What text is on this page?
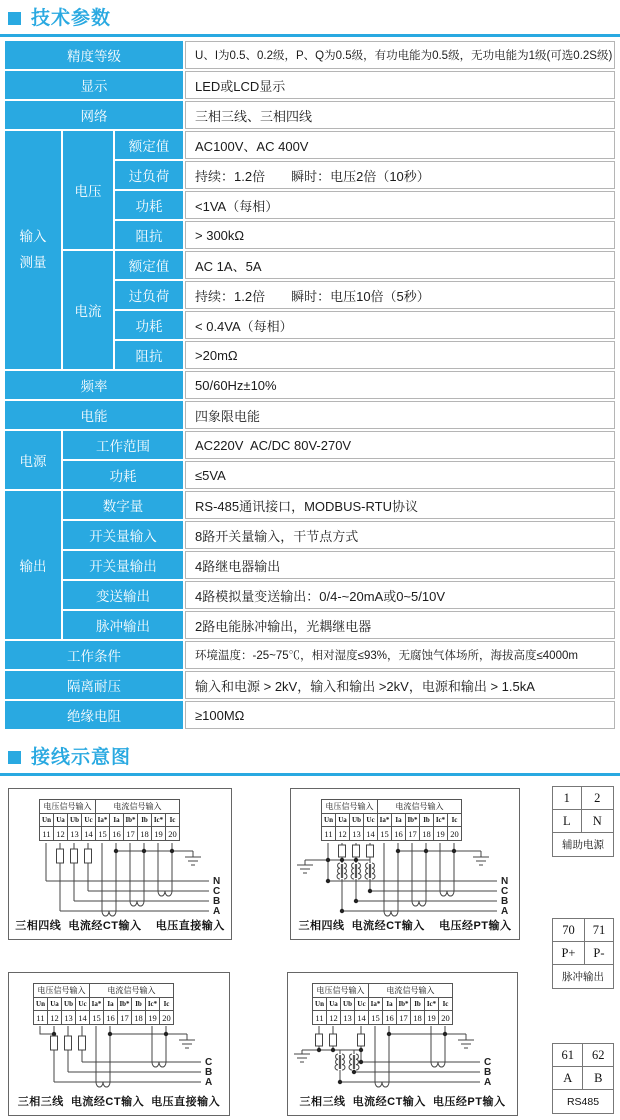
技术参数
精度等级			U、I为0.5、0.2级，P、Q为0.5级，有功电能为0.5级，无功电能为1级(可选0.2S级)
显示			LED或LCD显示
网络			三相三线、三相四线
输入测量	电压	额定值	AC100V、AC 400V
		过负荷	持续：1.2倍　　瞬时：电压2倍（10秒）
		功耗	<1VA（每相）
		阻抗	> 300kΩ
	电流	额定值	AC 1A、5A
		过负荷	持续：1.2倍　　瞬时：电压10倍（5秒）
		功耗	< 0.4VA（每相）
		阻抗	>20mΩ
频率			50/60Hz±10%
电能			四象限电能
电源	工作范围		AC220V  AC/DC 80V-270V
	功耗		≤5VA
输出	数字量		RS-485通讯接口，MODBUS-RTU协议
	开关量输入		8路开关量输入，干节点方式
	开关量输出		4路继电器输出
	变送输出		4路模拟量变送输出：0/4-~20mA或0~5/10V
	脉冲输出		2路电能脉冲输出，光耦继电器
工作条件			环境温度：-25~75℃，相对湿度≤93%，无腐蚀气体场所，海拔高度≤4000m
隔离耐压			输入和电源 > 2kV，输入和输出 >2kV，电源和输出 > 1.5kA
绝缘电阻			≥100MΩ
接线示意图
电压信号输入				电流信号输入					
Un	Ua	Ub	Uc	Ia*	Ia	Ib*	Ib	Ic*	Ic
11	12	13	14	15	16	17	18	19	20
N
C
B
A
三相四线  电流经CT输入    电压直接输入
电压信号输入				电流信号输入					
Un	Ua	Ub	Uc	Ia*	Ia	Ib*	Ib	Ic*	Ic
11	12	13	14	15	16	17	18	19	20
N
C
B
A
三相四线  电流经CT输入    电压经PT输入
电压信号输入				电流信号输入					
Un	Ua	Ub	Uc	Ia*	Ia	Ib*	Ib	Ic*	Ic
11	12	13	14	15	16	17	18	19	20
C
B
A
三相三线  电流经CT输入  电压直接输入
电压信号输入				电流信号输入					
Un	Ua	Ub	Uc	Ia*	Ia	Ib*	Ib	Ic*	Ic
11	12	13	14	15	16	17	18	19	20
C
B
A
三相三线  电流经CT输入  电压经PT输入
1	2
L	N
辅助电源	
70	71
P+	P-
脉冲输出	
61	62
A	B
RS485	
